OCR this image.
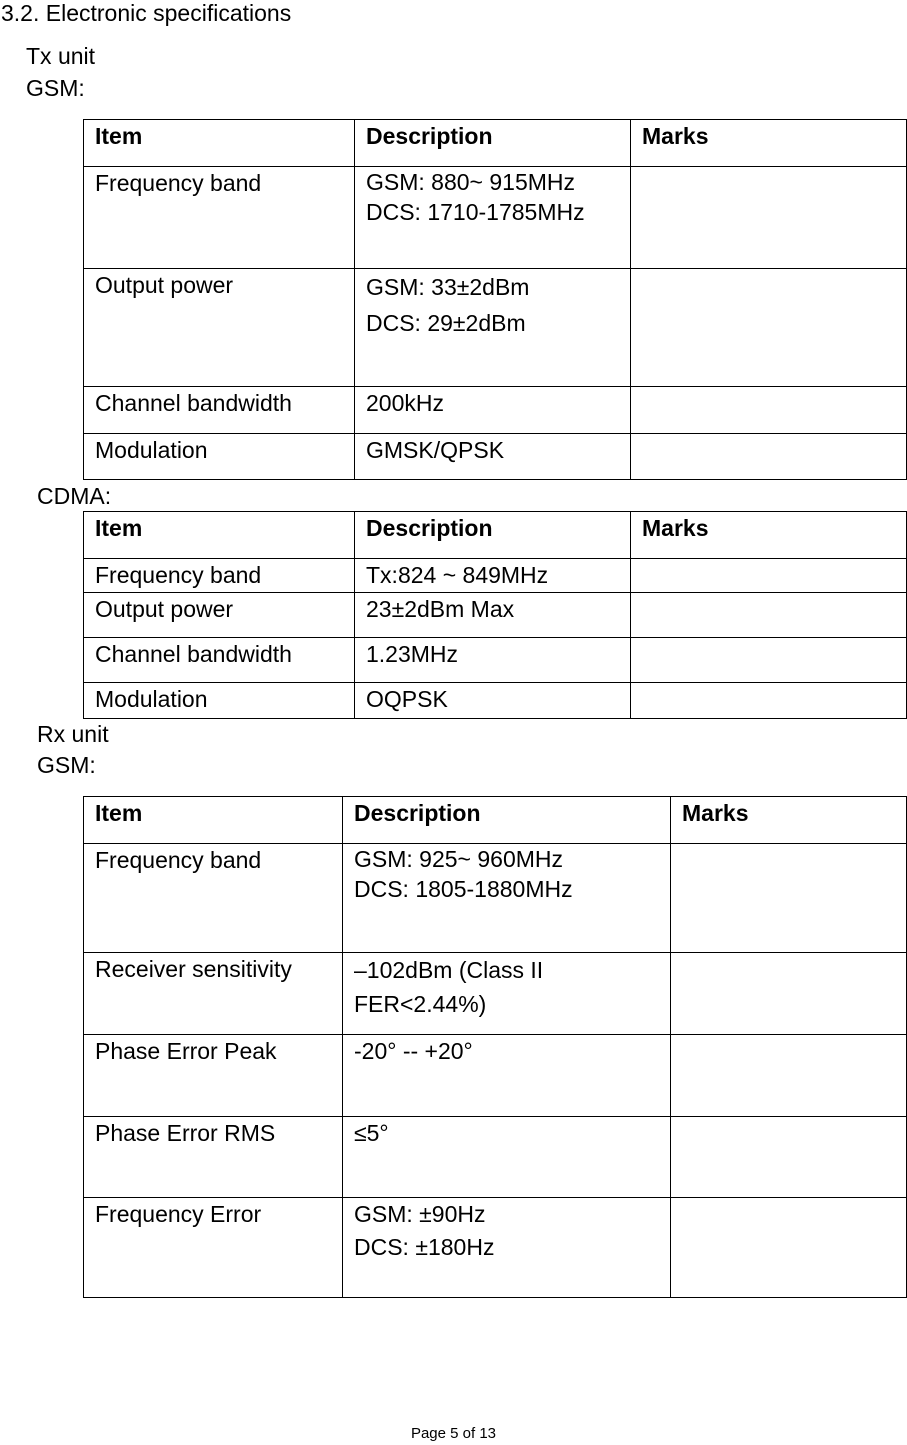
3.2. Electronic specifications
Tx unit
GSM:
Item	Description	Marks
Frequency band	GSM: 880~ 915MHz
DCS: 1710-1785MHz	

Output power	GSM: 33±2dBm
DCS: 29±2dBm	

Channel bandwidth	200kHz	
Modulation	GMSK/QPSK	
CDMA:
Item	Description	Marks
Frequency band	Tx:824 ~ 849MHz	
Output power	23±2dBm Max	
Channel bandwidth	1.23MHz	
Modulation	OQPSK	
Rx unit
GSM:
Item	Description	Marks
Frequency band	GSM: 925~ 960MHz
DCS: 1805-1880MHz	

Receiver sensitivity	–102dBm (Class II
FER<2.44%)	

Phase Error Peak	-20° -- +20°	
Phase Error RMS	≤5°	
Frequency Error	GSM: ±90Hz
DCS: ±180Hz	

Page 5 of 13
